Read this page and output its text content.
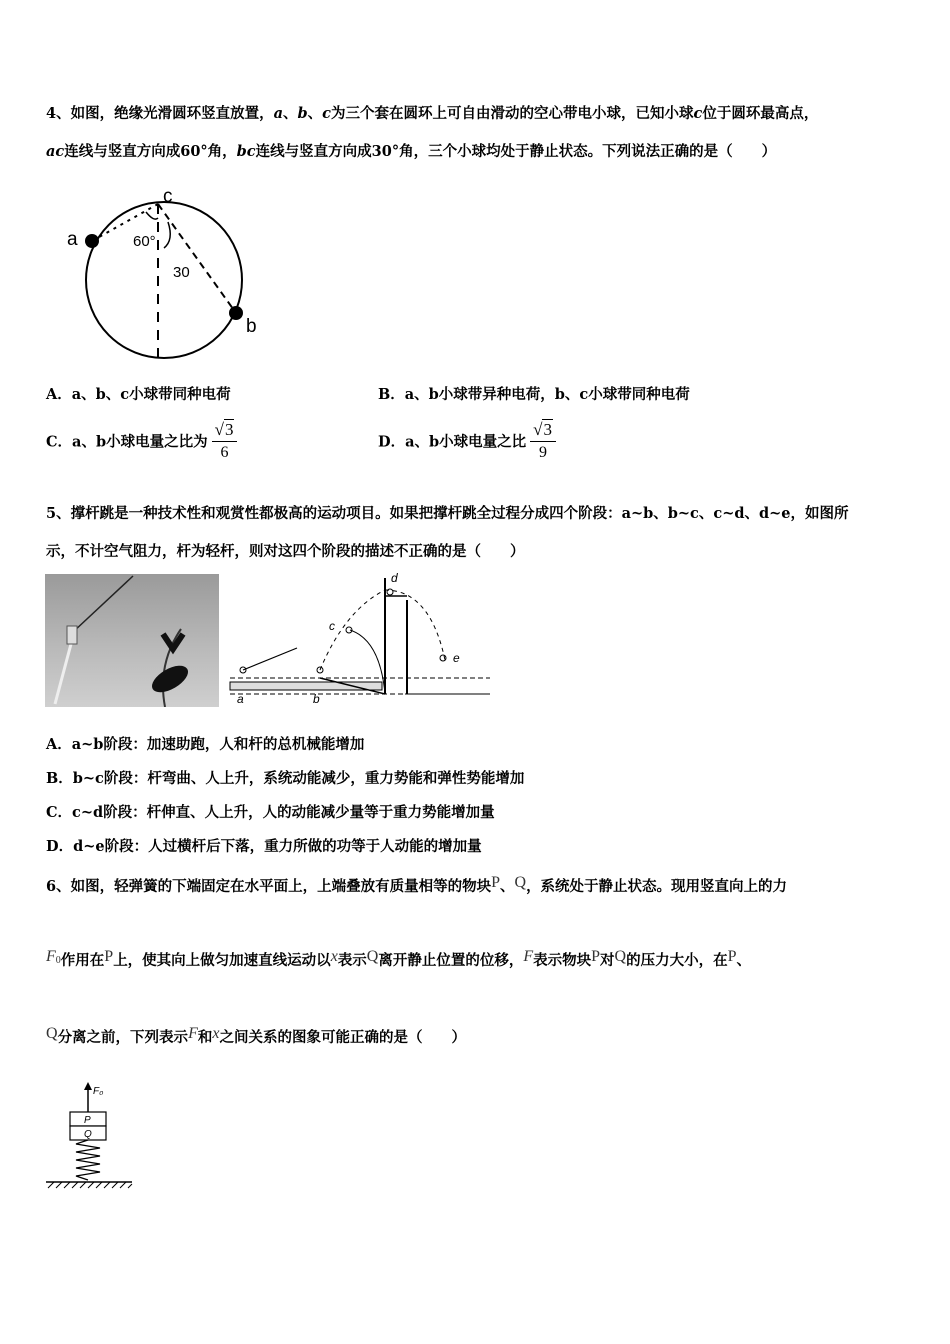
4、如图，绝缘光滑圆环竖直放置，a、b、c为三个套在圆环上可自由滑动的空心带电小球，已知小球c位于圆环最高点，
ac连线与竖直方向成60°角，bc连线与竖直方向成30°角，三个小球均处于静止状态。下列说法正确的是（　　）
a
c
b
60°
30
A．a、b、c小球带同种电荷	B．a、b小球带异种电荷，b、c小球带同种电荷
C．a、b小球电量之比为 $\frac{√3}{6}$	D．a、b小球电量之比 $\frac{√3}{9}$
5、撑杆跳是一种技术性和观赏性都极高的运动项目。如果把撑杆跳全过程分成四个阶段：a~b、b~c、c~d、d~e，如图所
示，不计空气阻力，杆为轻杆，则对这四个阶段的描述不正确的是（　　）
a	b
c
d
e
A．a~b阶段：加速助跑，人和杆的总机械能增加
B．b~c阶段：杆弯曲、人上升，系统动能减少，重力势能和弹性势能增加
C．c~d阶段：杆伸直、人上升，人的动能减少量等于重力势能增加量
D．d~e阶段：人过横杆后下落，重力所做的功等于人动能的增加量
6、如图，轻弹簧的下端固定在水平面上，上端叠放有质量相等的物块P、Q，系统处于静止状态。现用竖直向上的力
$F_0$作用在P上，使其向上做匀加速直线运动以x表示Q离开静止位置的位移，F表示物块P对Q的压力大小，在P、
Q分离之前，下列表示F和x之间关系的图象可能正确的是（　　）
F₀
P
Q
